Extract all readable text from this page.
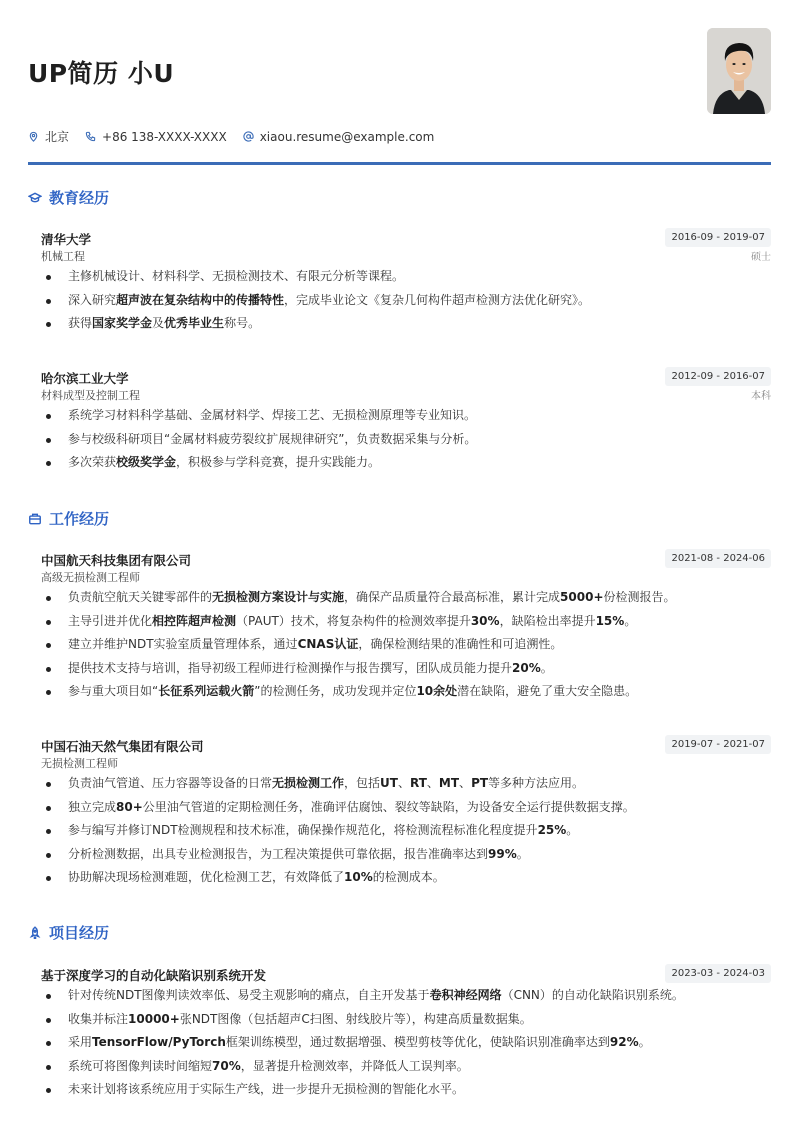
UP简历 小U
北京	+86 138-XXXX-XXXX	xiaou.resume@example.com
教育经历
清华大学	2016-09 - 2019-07
机械工程	硕士
主修机械设计、材料科学、无损检测技术、有限元分析等课程。
深入研究超声波在复杂结构中的传播特性，完成毕业论文《复杂几何构件超声检测方法优化研究》。
获得国家奖学金及优秀毕业生称号。
哈尔滨工业大学	2012-09 - 2016-07
材料成型及控制工程	本科
系统学习材料科学基础、金属材料学、焊接工艺、无损检测原理等专业知识。
参与校级科研项目“金属材料疲劳裂纹扩展规律研究”，负责数据采集与分析。
多次荣获校级奖学金，积极参与学科竞赛，提升实践能力。
工作经历
中国航天科技集团有限公司	2021-08 - 2024-06
高级无损检测工程师
负责航空航天关键零部件的无损检测方案设计与实施，确保产品质量符合最高标准，累计完成5000+份检测报告。
主导引进并优化相控阵超声检测（PAUT）技术，将复杂构件的检测效率提升30%，缺陷检出率提升15%。
建立并维护NDT实验室质量管理体系，通过CNAS认证，确保检测结果的准确性和可追溯性。
提供技术支持与培训，指导初级工程师进行检测操作与报告撰写，团队成员能力提升20%。
参与重大项目如“长征系列运载火箭”的检测任务，成功发现并定位10余处潜在缺陷，避免了重大安全隐患。
中国石油天然气集团有限公司	2019-07 - 2021-07
无损检测工程师
负责油气管道、压力容器等设备的日常无损检测工作，包括UT、RT、MT、PT等多种方法应用。
独立完成80+公里油气管道的定期检测任务，准确评估腐蚀、裂纹等缺陷，为设备安全运行提供数据支撑。
参与编写并修订NDT检测规程和技术标准，确保操作规范化，将检测流程标准化程度提升25%。
分析检测数据，出具专业检测报告，为工程决策提供可靠依据，报告准确率达到99%。
协助解决现场检测难题，优化检测工艺，有效降低了10%的检测成本。
项目经历
基于深度学习的自动化缺陷识别系统开发	2023-03 - 2024-03
针对传统NDT图像判读效率低、易受主观影响的痛点，自主开发基于卷积神经网络（CNN）的自动化缺陷识别系统。
收集并标注10000+张NDT图像（包括超声C扫图、射线胶片等），构建高质量数据集。
采用TensorFlow/PyTorch框架训练模型，通过数据增强、模型剪枝等优化，使缺陷识别准确率达到92%。
系统可将图像判读时间缩短70%，显著提升检测效率，并降低人工误判率。
未来计划将该系统应用于实际生产线，进一步提升无损检测的智能化水平。
